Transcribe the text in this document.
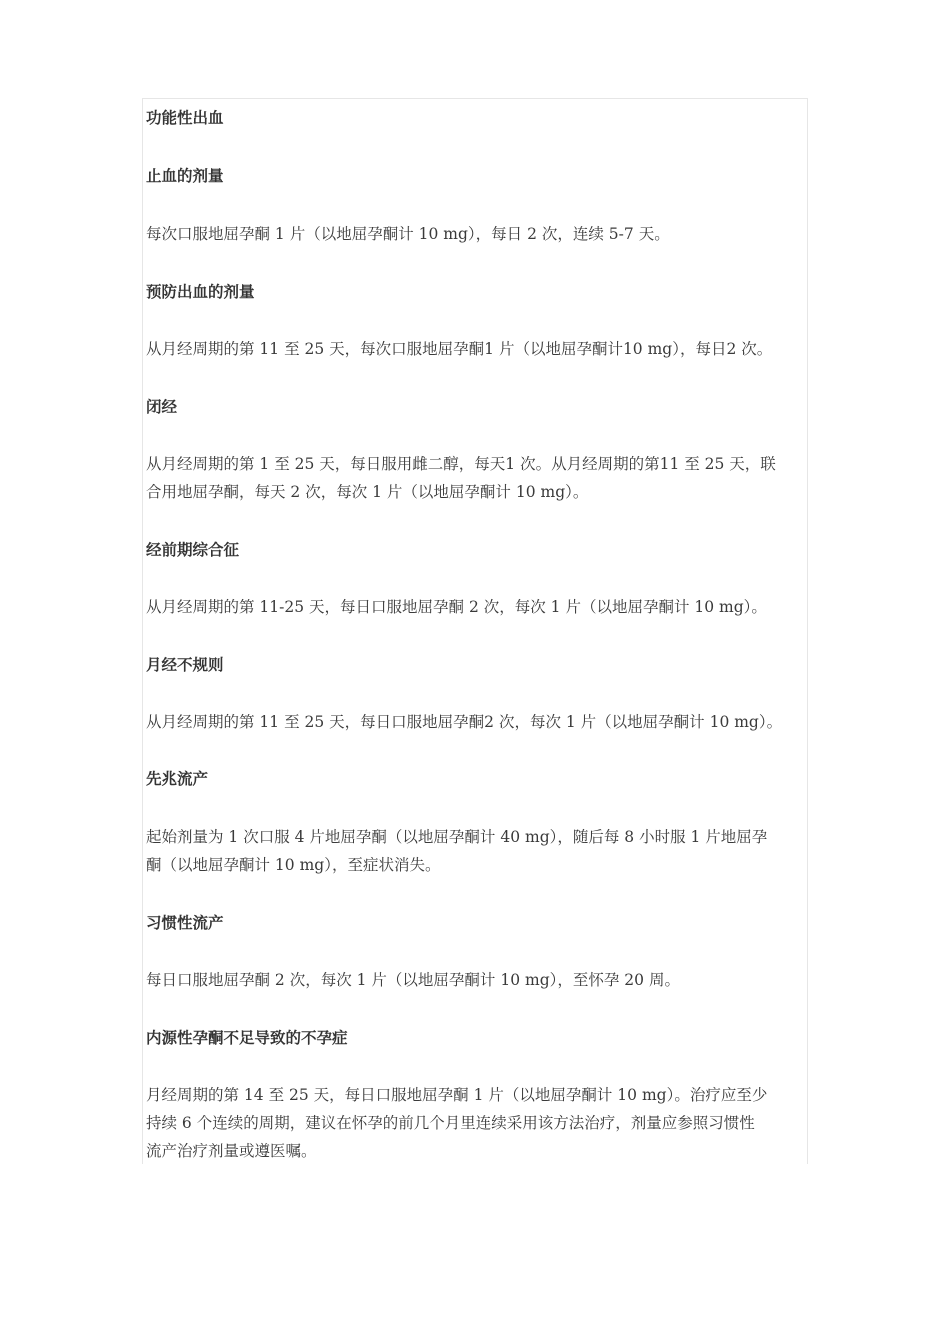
功能性出血
止血的剂量
每次口服地屈孕酮 1 片（以地屈孕酮计 10 mg），每日 2 次，连续 5-7 天。
预防出血的剂量
从月经周期的第 11 至 25 天，每次口服地屈孕酮1 片（以地屈孕酮计10 mg），每日2 次。
闭经
从月经周期的第 1 至 25 天，每日服用雌二醇，每天1 次。从月经周期的第11 至 25 天，联
合用地屈孕酮，每天 2 次，每次 1 片（以地屈孕酮计 10 mg）。
经前期综合征
从月经周期的第 11-25 天，每日口服地屈孕酮 2 次，每次 1 片（以地屈孕酮计 10 mg）。
月经不规则
从月经周期的第 11 至 25 天，每日口服地屈孕酮2 次，每次 1 片（以地屈孕酮计 10 mg）。
先兆流产
起始剂量为 1 次口服 4 片地屈孕酮（以地屈孕酮计 40 mg），随后每 8 小时服 1 片地屈孕
酮（以地屈孕酮计 10 mg），至症状消失。
习惯性流产
每日口服地屈孕酮 2 次，每次 1 片（以地屈孕酮计 10 mg），至怀孕 20 周。
内源性孕酮不足导致的不孕症
月经周期的第 14 至 25 天，每日口服地屈孕酮 1 片（以地屈孕酮计 10 mg）。治疗应至少
持续 6 个连续的周期，建议在怀孕的前几个月里连续采用该方法治疗，剂量应参照习惯性
流产治疗剂量或遵医嘱。
